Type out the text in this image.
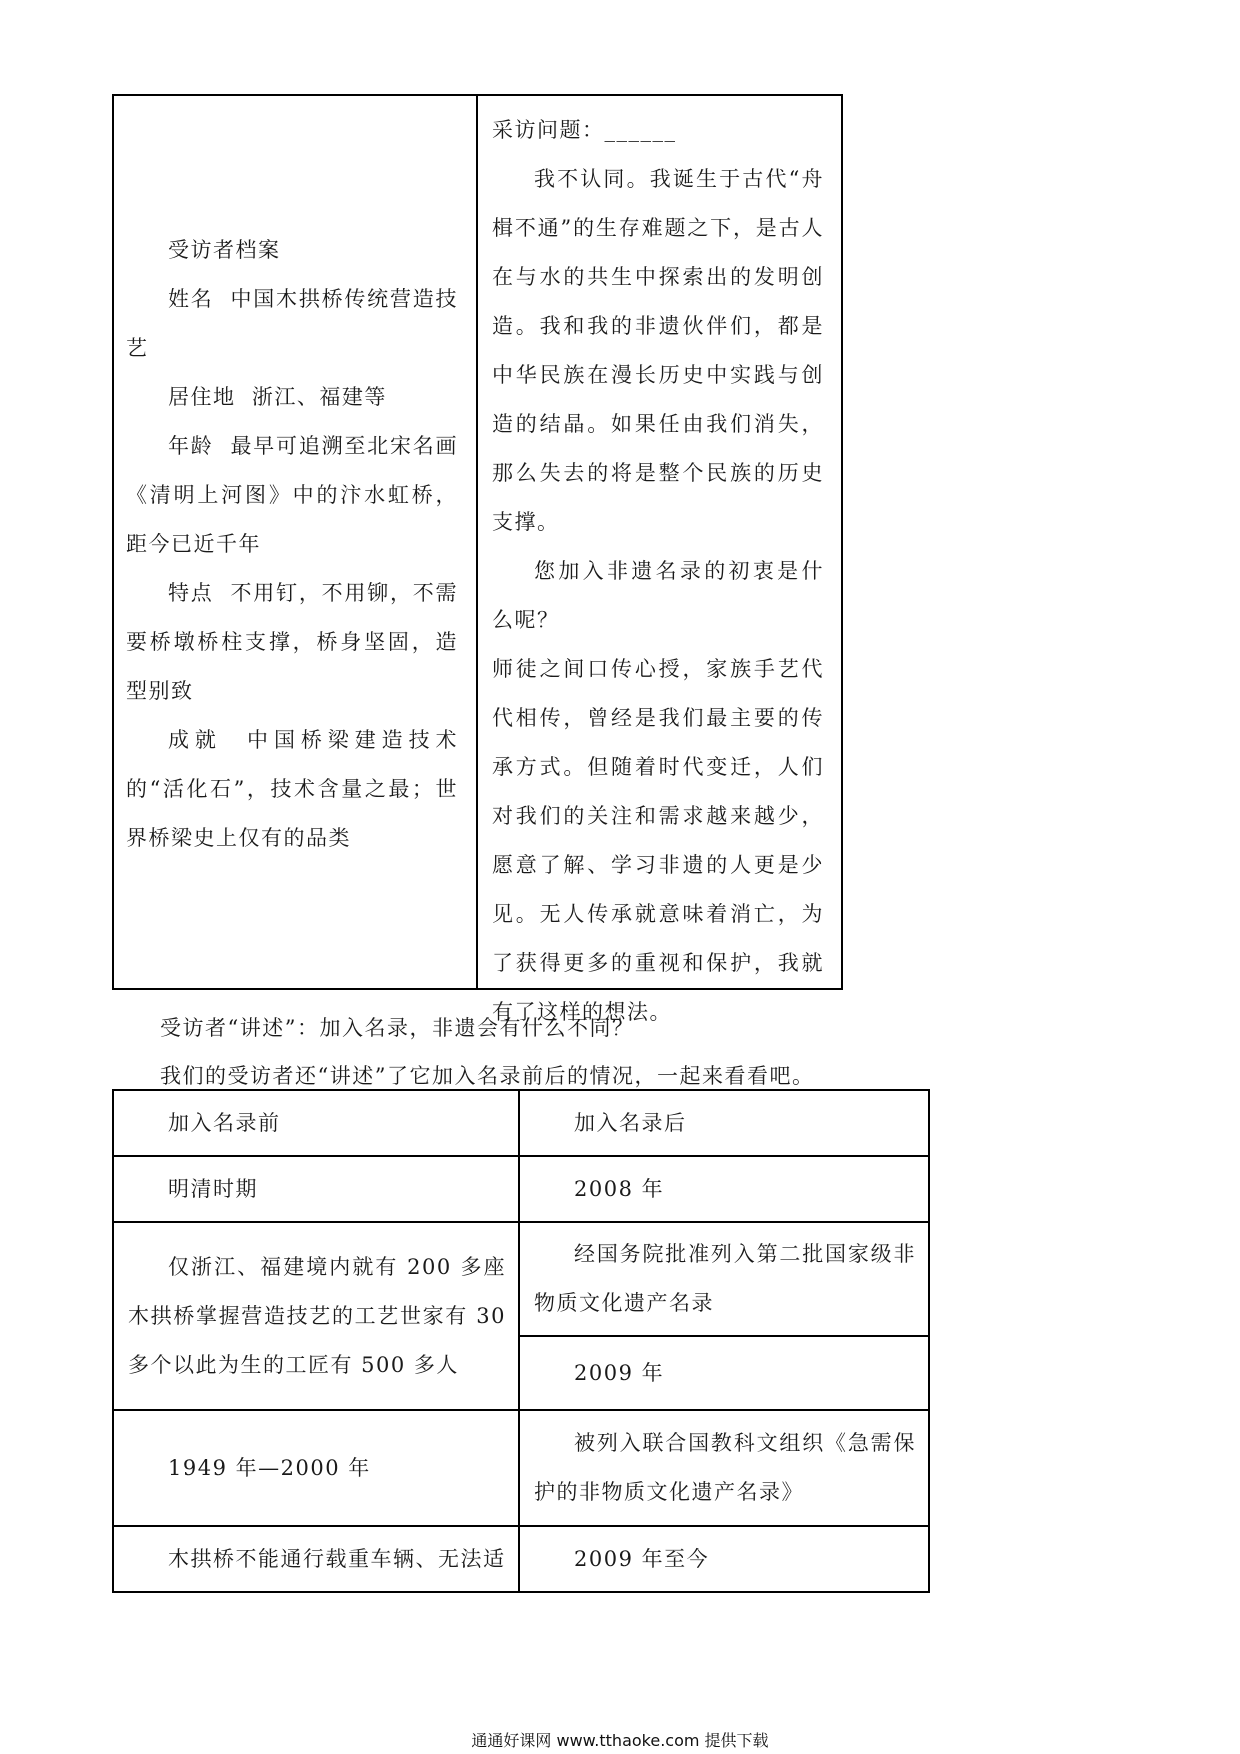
受访者档案

姓名 中国木拱桥传统营造技艺

居住地 浙江、福建等

年龄 最早可追溯至北宋名画《清明上河图》中的汴水虹桥，距今已近千年

特点 不用钉，不用铆，不需要桥墩桥柱支撑，桥身坚固，造型别致

成就 中国桥梁建造技术的“活化石”，技术含量之最；世界桥梁史上仅有的品类

采访问题：______

我不认同。我诞生于古代“舟楫不通”的生存难题之下，是古人在与水的共生中探索出的发明创造。我和我的非遗伙伴们，都是中华民族在漫长历史中实践与创造的结晶。如果任由我们消失，那么失去的将是整个民族的历史支撑。

您加入非遗名录的初衷是什么呢？

师徒之间口传心授，家族手艺代代相传，曾经是我们最主要的传承方式。但随着时代变迁，人们对我们的关注和需求越来越少，愿意了解、学习非遗的人更是少见。无人传承就意味着消亡，为了获得更多的重视和保护，我就有了这样的想法。

受访者“讲述”：加入名录，非遗会有什么不同？
我们的受访者还“讲述”了它加入名录前后的情况，一起来看看吧。
加入名录前	加入名录后
明清时期	2008 年
仅浙江、福建境内就有 200 多座木拱桥掌握营造技艺的工艺世家有 30 多个以此为生的工匠有 500 多人	经国务院批准列入第二批国家级非物质文化遗产名录
	2009 年
1949 年—2000 年	被列入联合国教科文组织《急需保护的非物质文化遗产名录》
木拱桥不能通行载重车辆、无法适	2009 年至今
通通好课网 www.tthaoke.com 提供下载
